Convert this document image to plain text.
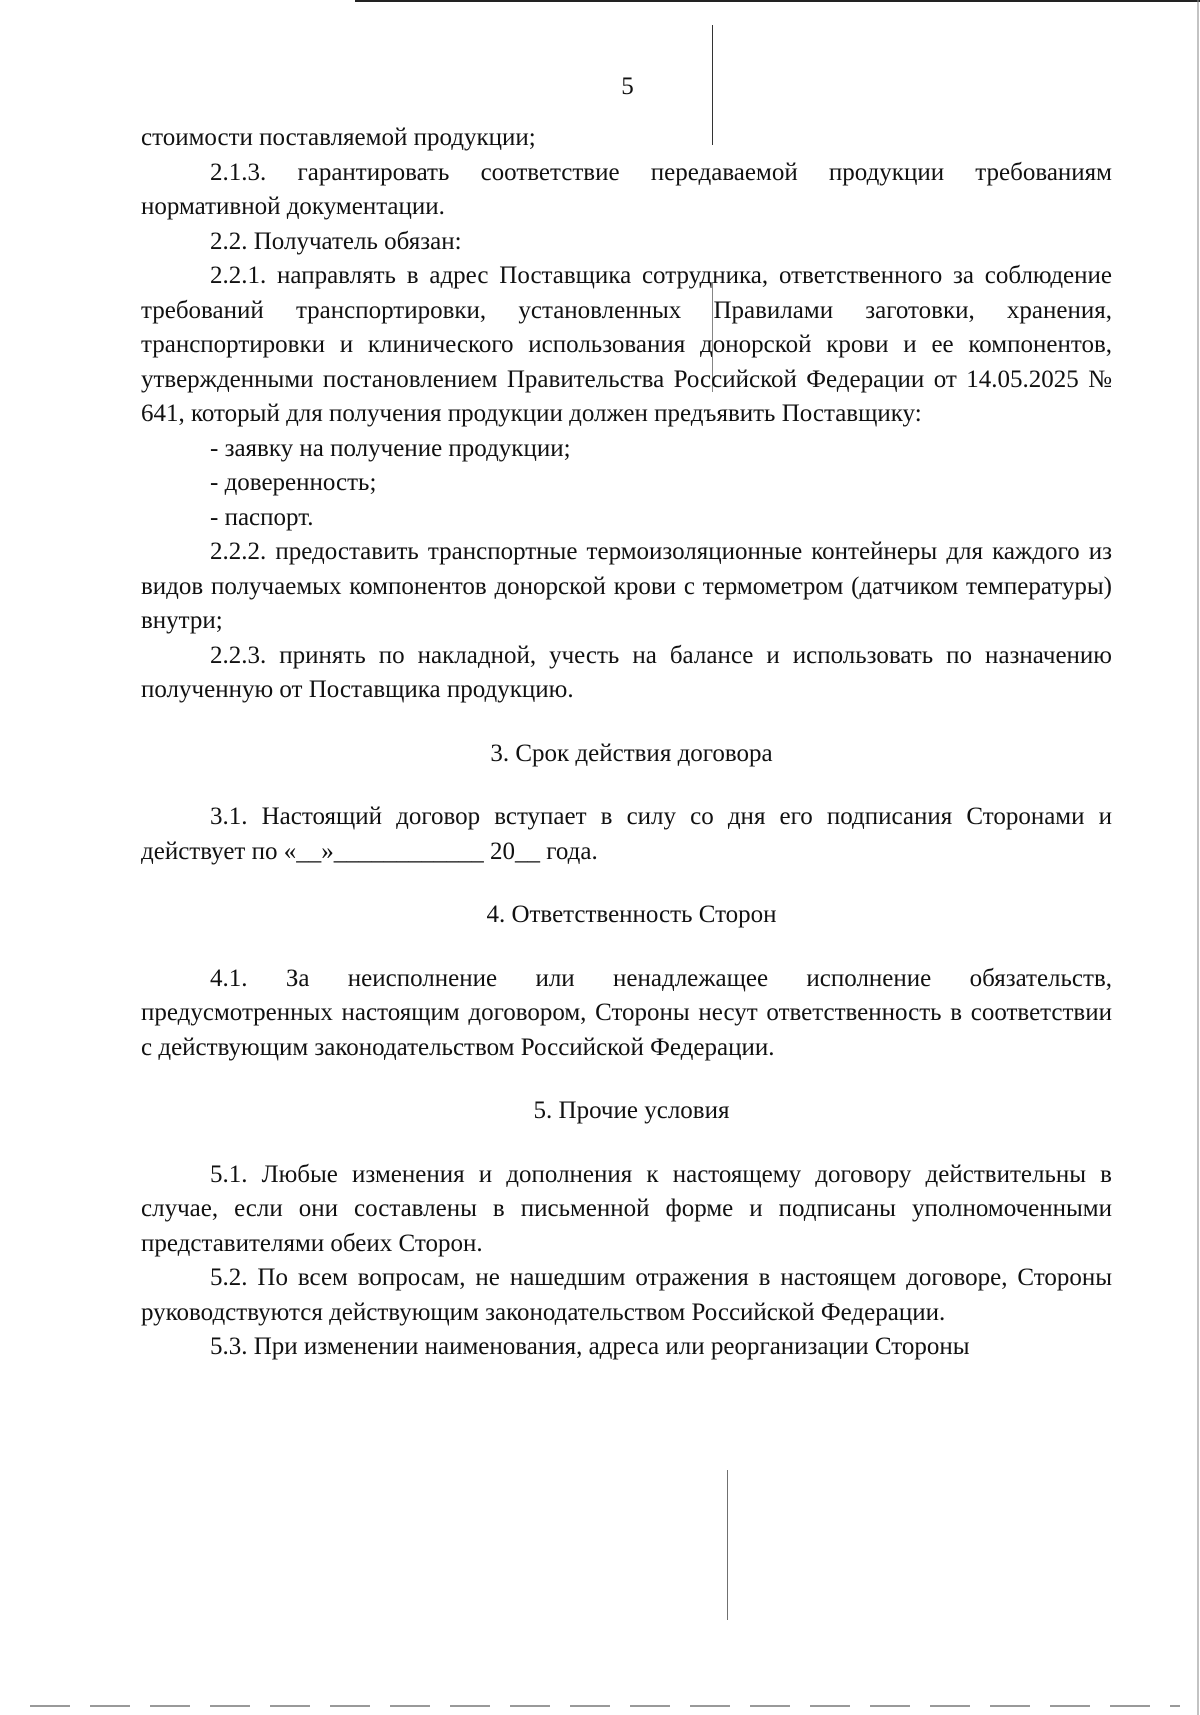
5

стоимости поставляемой продукции;

2.1.3. гарантировать соответствие передаваемой продукции требованиям нормативной документации.

2.2. Получатель обязан:

2.2.1. направлять в адрес Поставщика сотрудника, ответственного за соблюдение требований транспортировки, установленных Правилами заготовки, хранения, транспортировки и клинического использования донорской крови и ее компонентов, утвержденными постановлением Правительства Российской Федерации от 14.05.2025 № 641, который для получения продукции должен предъявить Поставщику:

- заявку на получение продукции;

- доверенность;

- паспорт.

2.2.2. предоставить транспортные термоизоляционные контейнеры для каждого из видов получаемых компонентов донорской крови с термометром (датчиком температуры) внутри;

2.2.3. принять по накладной, учесть на балансе и использовать по назначению полученную от Поставщика продукцию.

3. Срок действия договора

3.1. Настоящий договор вступает в силу со дня его подписания Сторонами и действует по «__»____________ 20__ года.

4. Ответственность Сторон

4.1. За неисполнение или ненадлежащее исполнение обязательств, предусмотренных настоящим договором, Стороны несут ответственность в соответствии с действующим законодательством Российской Федерации.

5. Прочие условия

5.1. Любые изменения и дополнения к настоящему договору действительны в случае, если они составлены в письменной форме и подписаны уполномоченными представителями обеих Сторон.

5.2. По всем вопросам, не нашедшим отражения в настоящем договоре, Стороны руководствуются действующим законодательством Российской Федерации.

5.3. При изменении наименования, адреса или реорганизации Стороны
